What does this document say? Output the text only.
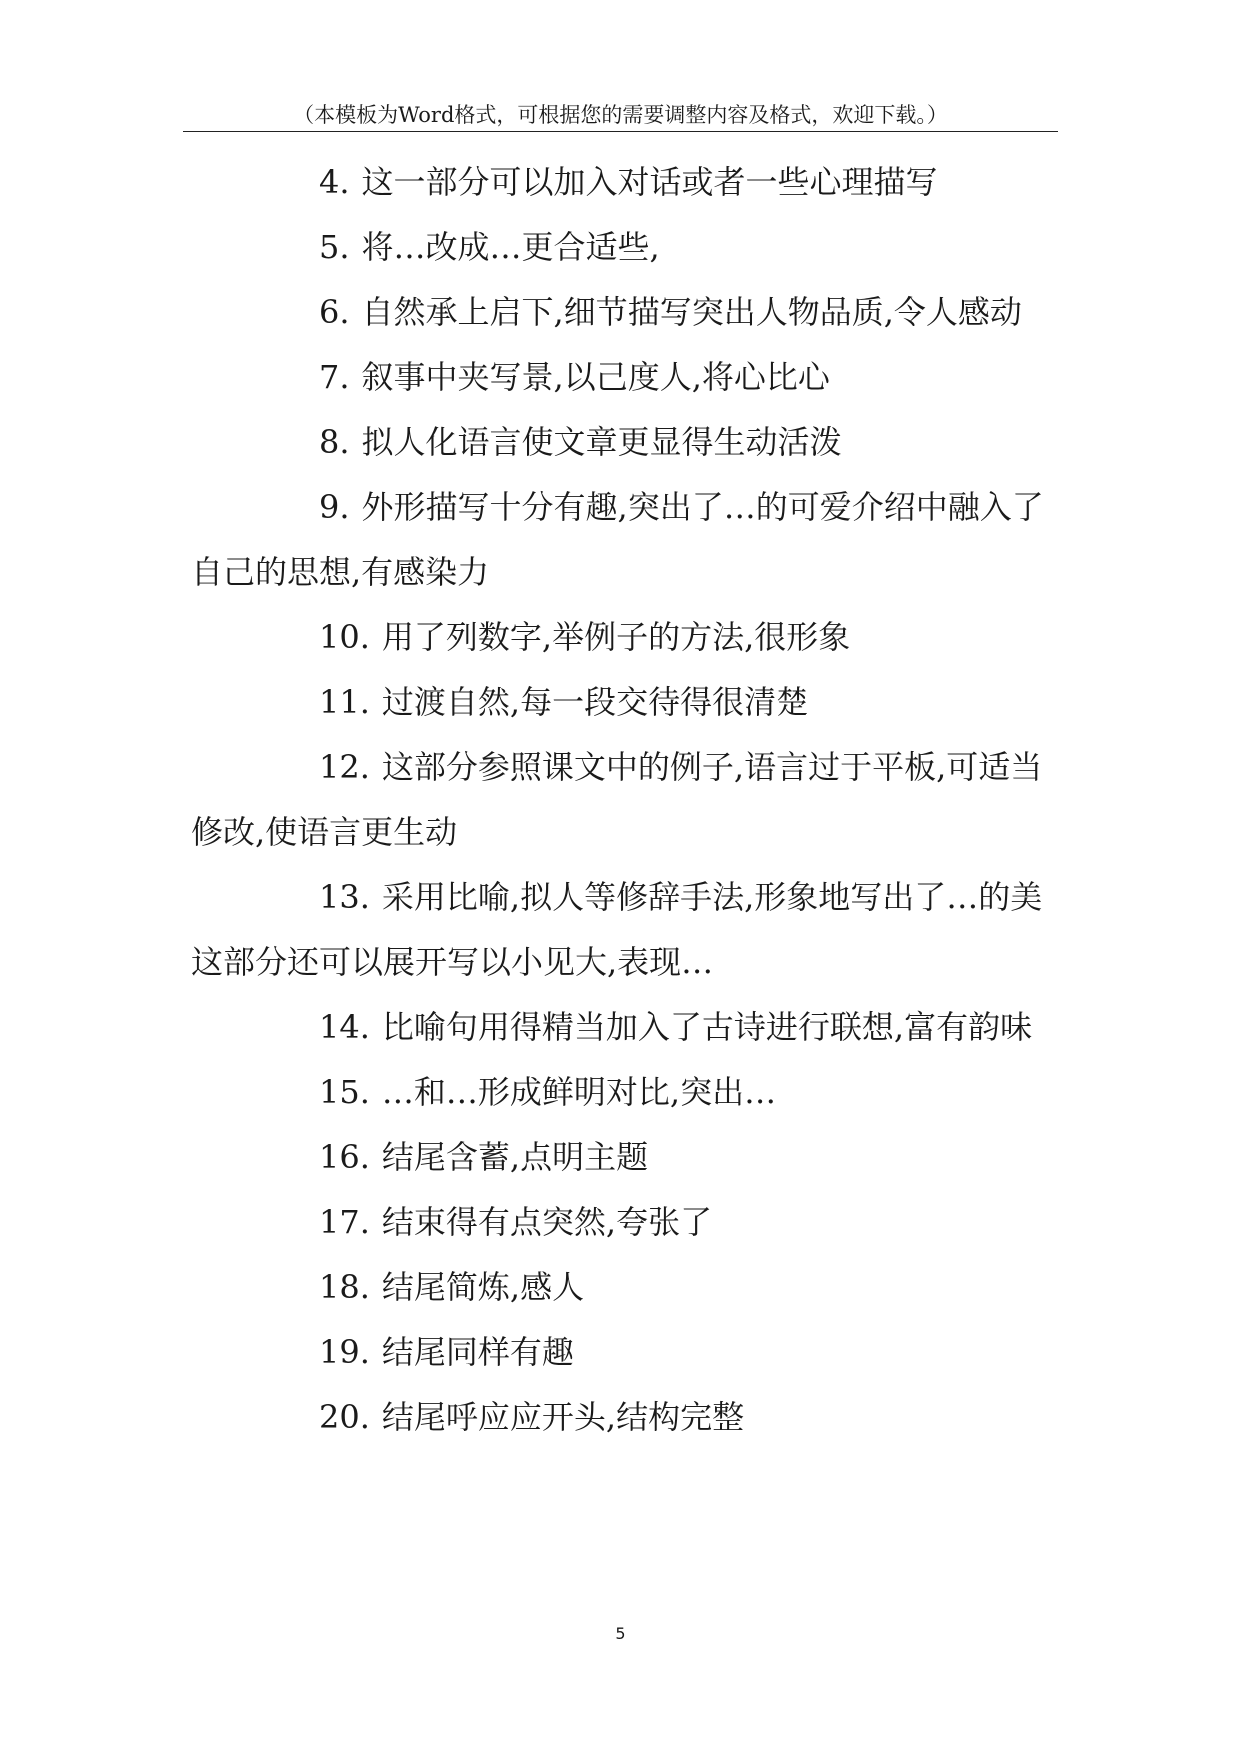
（本模板为Word格式，可根据您的需要调整内容及格式，欢迎下载。）

4. 这一部分可以加入对话或者一些心理描写

5. 将…改成…更合适些,

6. 自然承上启下,细节描写突出人物品质,令人感动

7. 叙事中夹写景,以己度人,将心比心

8. 拟人化语言使文章更显得生动活泼

9. 外形描写十分有趣,突出了…的可爱介绍中融入了自己的思想,有感染力

10. 用了列数字,举例子的方法,很形象

11. 过渡自然,每一段交待得很清楚

12. 这部分参照课文中的例子,语言过于平板,可适当修改,使语言更生动

13. 采用比喻,拟人等修辞手法,形象地写出了…的美这部分还可以展开写以小见大,表现…

14. 比喻句用得精当加入了古诗进行联想,富有韵味

15. …和…形成鲜明对比,突出…

16. 结尾含蓄,点明主题

17. 结束得有点突然,夸张了

18. 结尾简炼,感人

19. 结尾同样有趣

20. 结尾呼应应开头,结构完整

5
